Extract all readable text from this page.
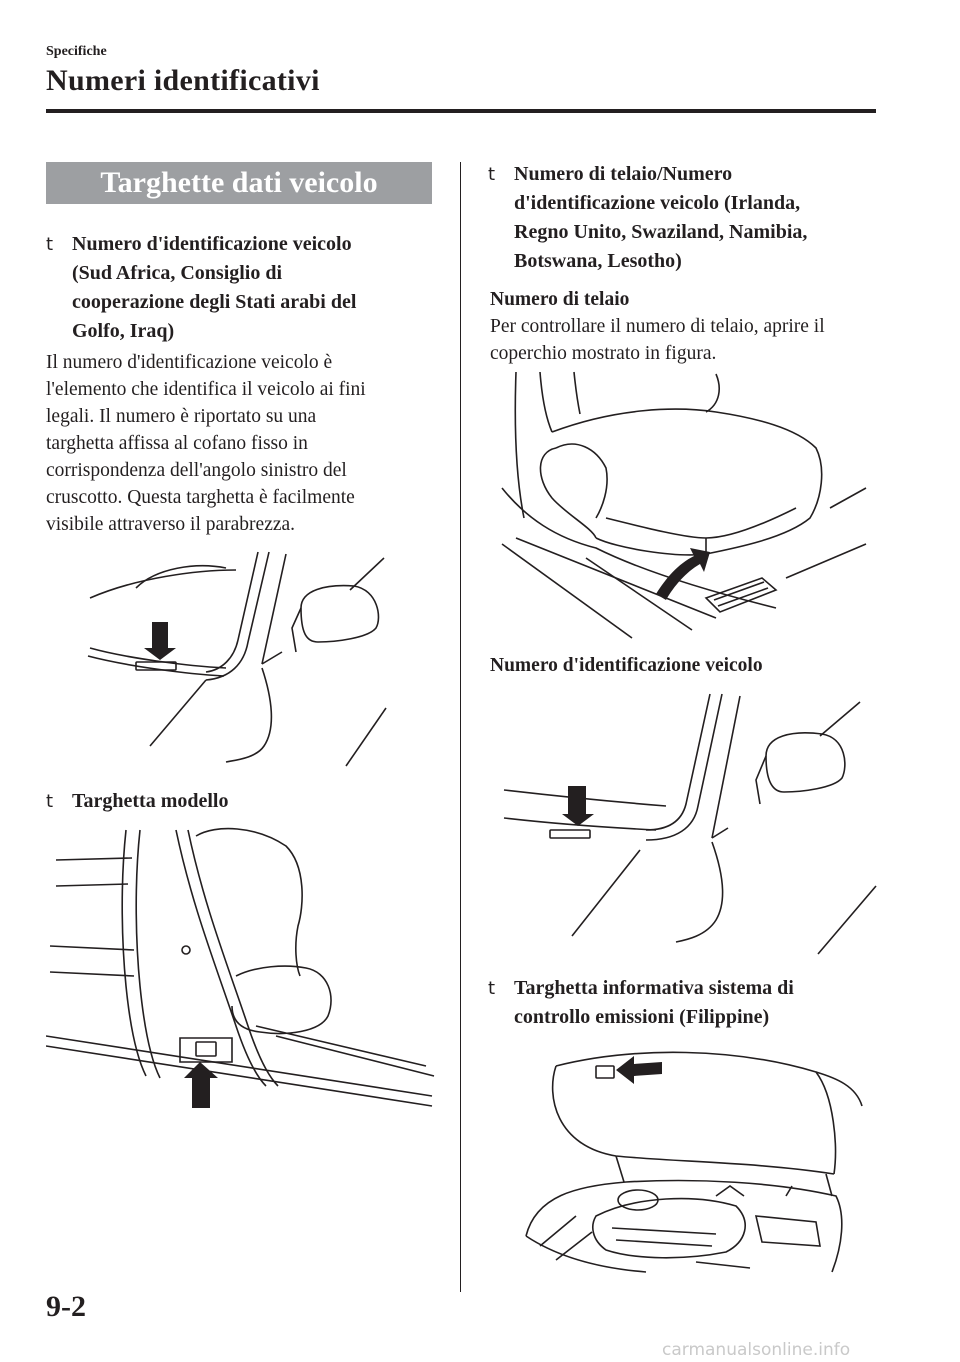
Specifiche
Numeri identificativi
Targhette dati veicolo
t Numero d'identificazione veicolo
(Sud Africa, Consiglio di
cooperazione degli Stati arabi del
Golfo, Iraq)
Il numero d'identificazione veicolo è
l'elemento che identifica il veicolo ai fini
legali. Il numero è riportato su una
targhetta affissa al cofano fisso in
corrispondenza dell'angolo sinistro del
cruscotto. Questa targhetta è facilmente
visibile attraverso il parabrezza.
t Targhetta modello
t Numero di telaio/Numero
d'identificazione veicolo (Irlanda,
Regno Unito, Swaziland, Namibia,
Botswana, Lesotho)
Numero di telaio
Per controllare il numero di telaio, aprire il
coperchio mostrato in figura.
Numero d'identificazione veicolo
t Targhetta informativa sistema di
controllo emissioni (Filippine)
9-2
carmanualsonline.info
